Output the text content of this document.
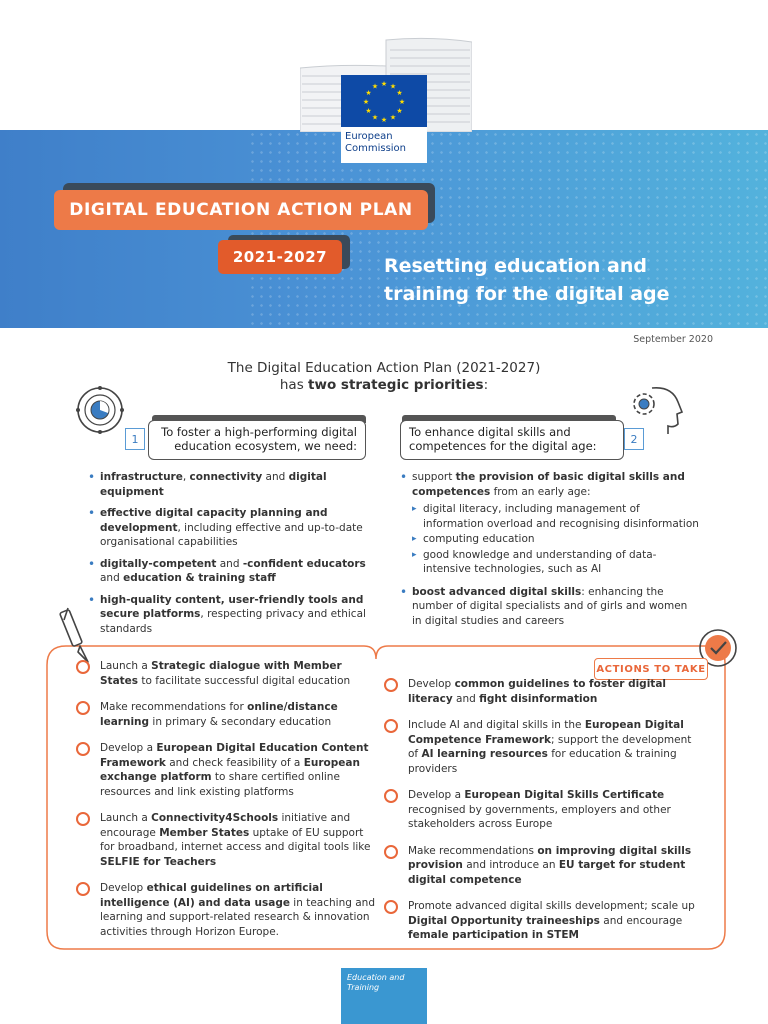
★ ★
★
★
★
★
★
★
★
★
★
★
European
Commission
DIGITAL EDUCATION ACTION PLAN
2021-2027	Resetting education and
training for the digital age
September 2020
The Digital Education Action Plan (2021-2027)
has two strategic priorities:
To foster a high-performing digital
education ecosystem, we need:
1
• infrastructure, connectivity and digital equipment
• effective digital capacity planning and development, including effective and up-to-date organisational capabilities
• digitally-competent and -confident educators and education & training staff
• high-quality content, user-friendly tools and secure platforms, respecting privacy and ethical standards
To enhance digital skills and
competences for the digital age:	2
• support the provision of basic digital skills and competences from an early age:
▸ digital literacy, including management of information overload and recognising disinformation
▸ computing education
▸ good knowledge and understanding of data-intensive technologies, such as AI
• boost advanced digital skills: enhancing the number of digital specialists and of girls and women in digital studies and careers
ACTIONS TO TAKE
Launch a Strategic dialogue with Member States to facilitate successful digital education
Make recommendations for online/distance learning in primary & secondary education
Develop a European Digital Education Content Framework and check feasibility of a European exchange platform to share certified online resources and link existing platforms
Launch a Connectivity4Schools initiative and encourage Member States uptake of EU support for broadband, internet access and digital tools like SELFIE for Teachers
Develop ethical guidelines on artificial intelligence (AI) and data usage in teaching and learning and support-related research & innovation activities through Horizon Europe.
Develop common guidelines to foster digital literacy and fight disinformation
Include AI and digital skills in the European Digital Competence Framework; support the development of AI learning resources for education & training providers
Develop a European Digital Skills Certificate recognised by governments, employers and other stakeholders across Europe
Make recommendations on improving digital skills provision and introduce an EU target for student digital competence
Promote advanced digital skills development; scale up Digital Opportunity traineeships and encourage female participation in STEM
Education and
Training
